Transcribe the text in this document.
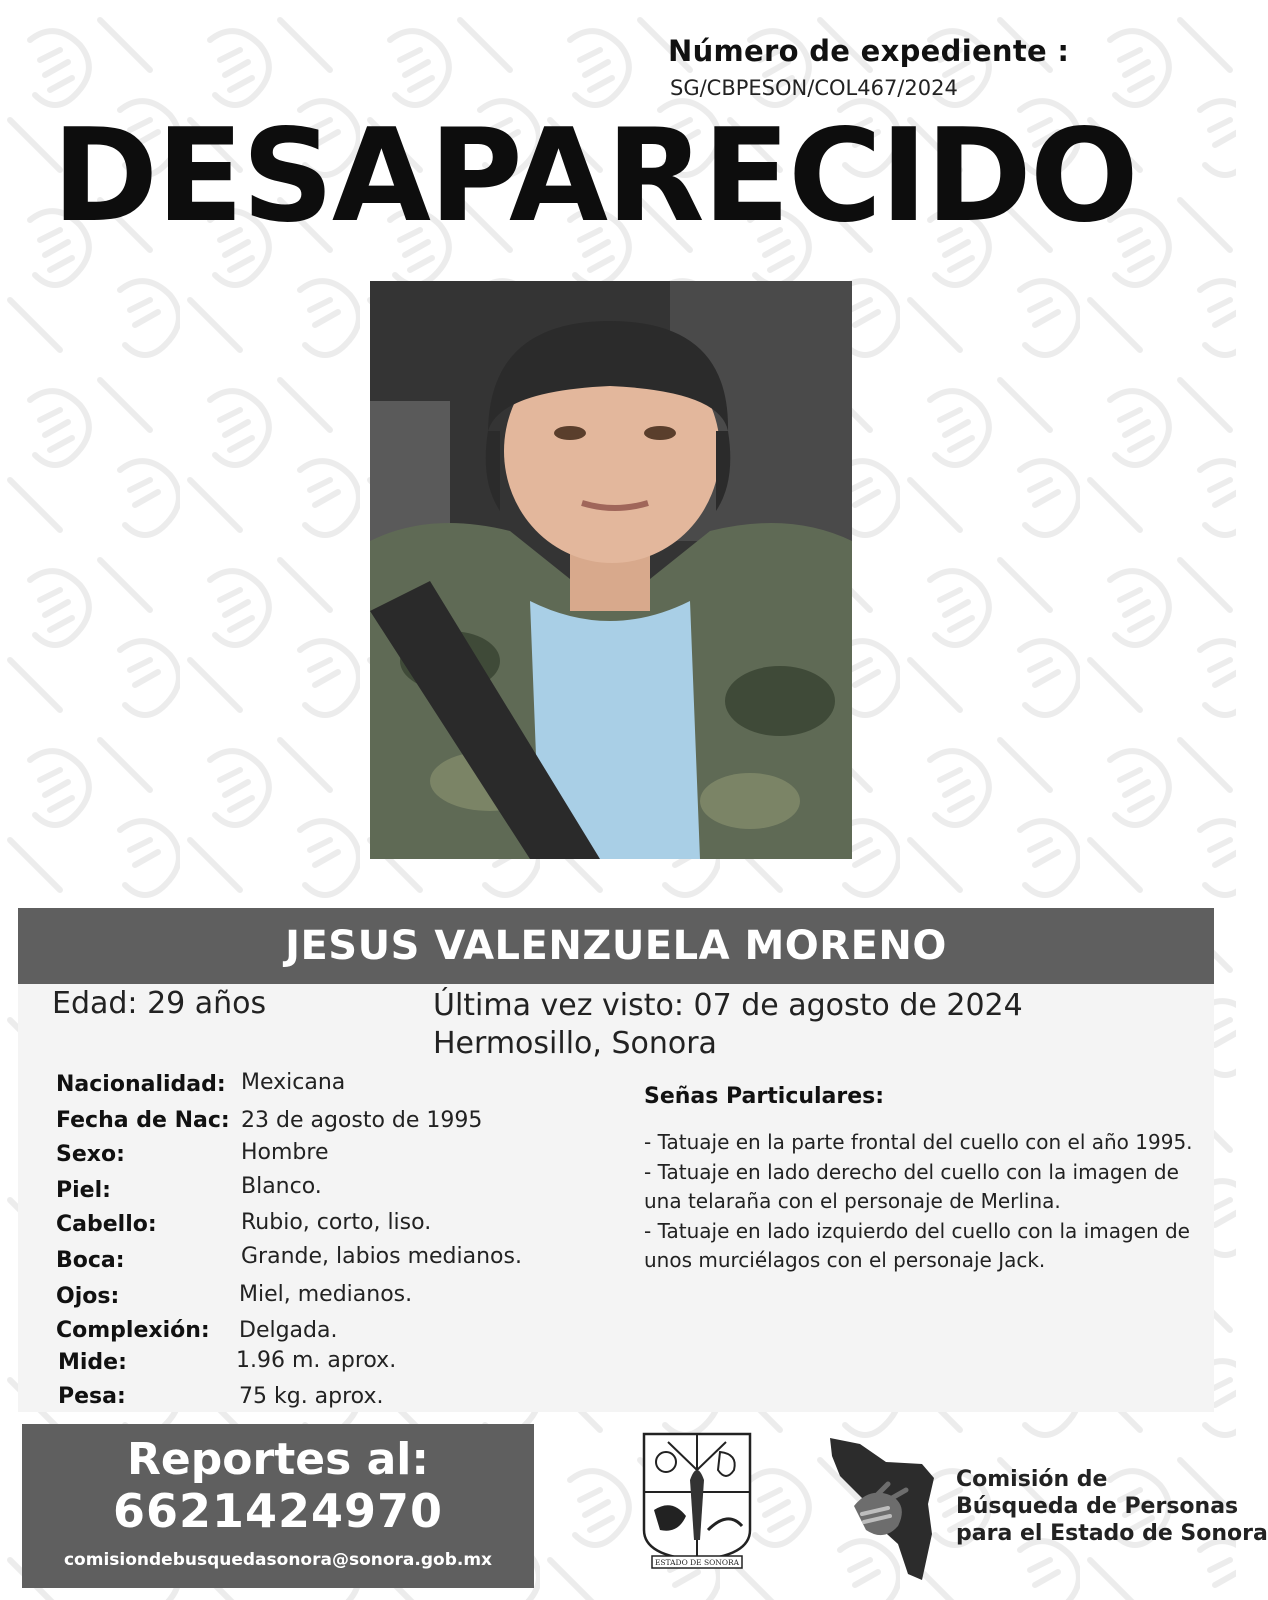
Número de expediente :
SG/CBPESON/COL467/2024
DESAPARECIDO
JESUS VALENZUELA MORENO
Edad: 29 años	Última vez visto: 07 de agosto de 2024
Hermosillo, Sonora
Nacionalidad: Mexicana
Fecha de Nac: 23 de agosto de 1995
Sexo:	Hombre
Piel:	Blanco.
Cabello:	Rubio, corto, liso.
Boca:	Grande, labios medianos.
Ojos:	Miel, medianos.
Complexión: Delgada.
Mide:	1.96 m. aprox.
Pesa:	75 kg. aprox.
Señas Particulares:

- Tatuaje en la parte frontal del cuello con el año 1995.

- Tatuaje en lado derecho del cuello con la imagen de una telaraña con el personaje de Merlina.

- Tatuaje en lado izquierdo del cuello con la imagen de unos murciélagos con el personaje Jack.

Reportes al:
6621424970
comisiondebusquedasonora@sonora.gob.mx	ESTADO DE SONORA
Comisión de
Búsqueda de Personas
para el Estado de Sonora
